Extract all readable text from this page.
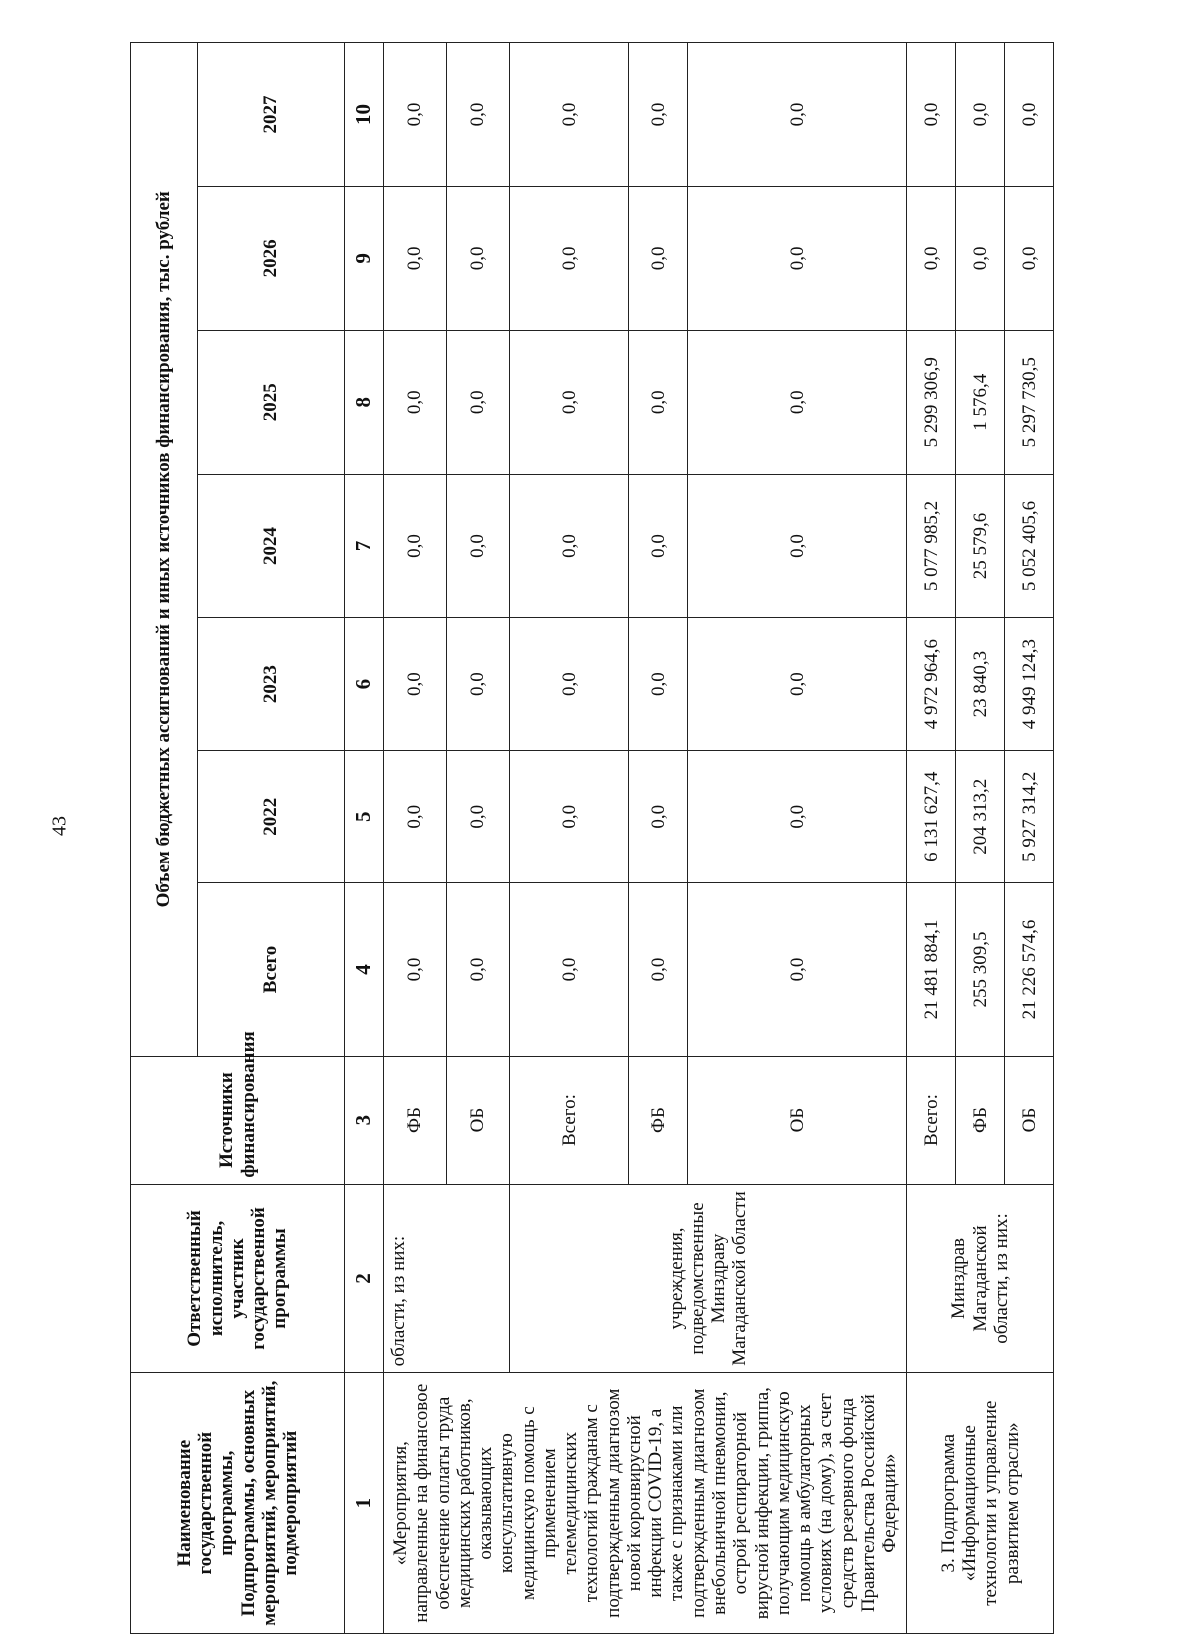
43
Наименование государственной программы, Подпрограммы, основных мероприятий, мероприятий, подмероприятий	Ответственный исполнитель, участник государственной программы	Источники финансирования	Объем бюджетных ассигнований и иных источников финансирования, тыс. рублей						
			Всего	2022	2023	2024	2025	2026	2027
1	2	3	4	5	6	7	8	9	10
«Мероприятия, направленные на финансовое обеспечение оплаты труда медицинских работников, оказывающих консультативную медицинскую помощь с применением телемедицинских технологий гражданам с подтвержденным диагнозом новой коронвирусной инфекции COVID-19, а также с признаками или подтвержденным диагнозом внебольничной пневмонии, острой респираторной вирусной инфекции, гриппа, получающим медицинскую помощь в амбулаторных условиях (на дому), за счет средств резервного фонда Правительства Российской Федерации»	области, из них:	ФБ	0,0	0,0	0,0	0,0	0,0	0,0	0,0
		ОБ	0,0	0,0	0,0	0,0	0,0	0,0	0,0
	учреждения, подведомственные Минздраву Магаданской области	Всего:	0,0	0,0	0,0	0,0	0,0	0,0	0,0
		ФБ	0,0	0,0	0,0	0,0	0,0	0,0	0,0
		ОБ	0,0	0,0	0,0	0,0	0,0	0,0	0,0
3. Подпрограмма «Информационные технологии и управление развитием отрасли»	Минздрав Магаданской области, из них:	Всего:	21 481 884,1	6 131 627,4	4 972 964,6	5 077 985,2	5 299 306,9	0,0	0,0
		ФБ	255 309,5	204 313,2	23 840,3	25 579,6	1 576,4	0,0	0,0
		ОБ	21 226 574,6	5 927 314,2	4 949 124,3	5 052 405,6	5 297 730,5	0,0	0,0
